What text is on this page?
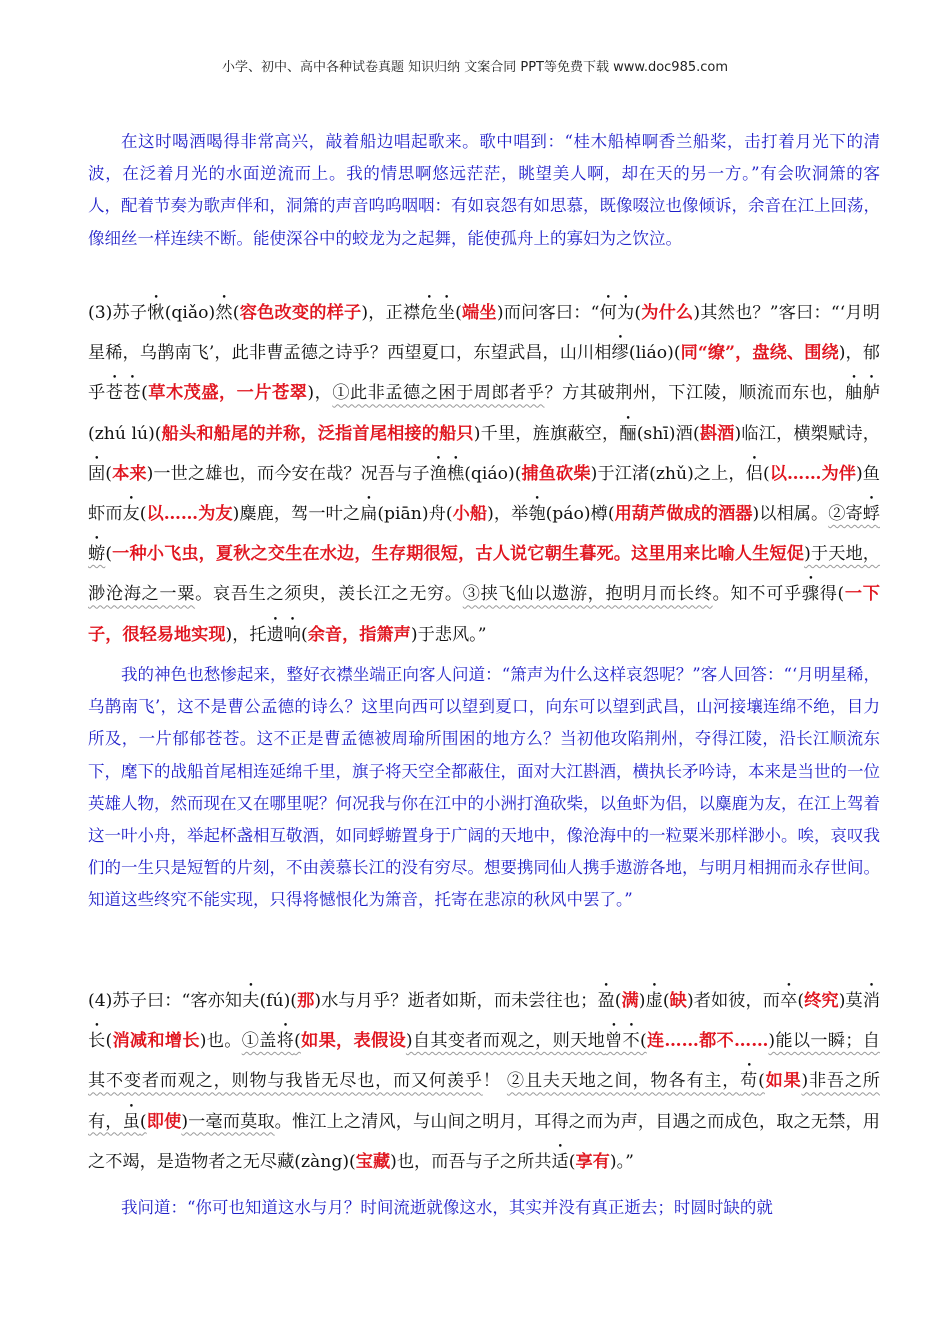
小学、初中、高中各种试卷真题 知识归纳 文案合同 PPT等免费下载 www.doc985.com

在这时喝酒喝得非常高兴，敲着船边唱起歌来。歌中唱到：“桂木船棹啊香兰船桨，击打着月光下的清波，在泛着月光的水面逆流而上。我的情思啊悠远茫茫，眺望美人啊，却在天的另一方。”有会吹洞箫的客人，配着节奏为歌声伴和，洞箫的声音呜呜咽咽：有如哀怨有如思慕，既像啜泣也像倾诉，余音在江上回荡，像细丝一样连续不断。能使深谷中的蛟龙为之起舞，能使孤舟上的寡妇为之饮泣。

(3)苏子愀(qiǎo)然(容色改变的样子)，正襟危坐(端坐)而问客曰：“何为(为什么)其然也？”客曰：“‘月明星稀，乌鹊南飞’，此非曹孟德之诗乎？西望夏口，东望武昌，山川相缪(liáo)(同“缭”，盘绕、围绕)，郁乎苍苍(草木茂盛，一片苍翠)，①此非孟德之困于周郎者乎？方其破荆州，下江陵，顺流而东也，舳舻(zhú lú)(船头和船尾的并称，泛指首尾相接的船只)千里，旌旗蔽空，酾(shī)酒(斟酒)临江，横槊赋诗，固(本来)一世之雄也，而今安在哉？况吾与子渔樵(qiáo)(捕鱼砍柴)于江渚(zhǔ)之上，侣(以……为伴)鱼虾而友(以……为友)麋鹿，驾一叶之扁(piān)舟(小船)，举匏(páo)樽(用葫芦做成的酒器)以相属。②寄蜉蝣(一种小飞虫，夏秋之交生在水边，生存期很短，古人说它朝生暮死。这里用来比喻人生短促)于天地，渺沧海之一粟。哀吾生之须臾，羡长江之无穷。③挟飞仙以遨游，抱明月而长终。知不可乎骤得(一下子，很轻易地实现)，托遗响(余音，指箫声)于悲风。”

我的神色也愁惨起来，整好衣襟坐端正向客人问道：“箫声为什么这样哀怨呢？”客人回答：“‘月明星稀，乌鹊南飞’，这不是曹公孟德的诗么？这里向西可以望到夏口，向东可以望到武昌，山河接壤连绵不绝，目力所及，一片郁郁苍苍。这不正是曹孟德被周瑜所围困的地方么？当初他攻陷荆州，夺得江陵，沿长江顺流东下，麾下的战船首尾相连延绵千里，旗子将天空全都蔽住，面对大江斟酒，横执长矛吟诗，本来是当世的一位英雄人物，然而现在又在哪里呢？何况我与你在江中的小洲打渔砍柴，以鱼虾为侣，以麋鹿为友，在江上驾着这一叶小舟，举起杯盏相互敬酒，如同蜉蝣置身于广阔的天地中，像沧海中的一粒粟米那样渺小。唉，哀叹我们的一生只是短暂的片刻，不由羡慕长江的没有穷尽。想要携同仙人携手遨游各地，与明月相拥而永存世间。知道这些终究不能实现，只得将憾恨化为箫音，托寄在悲凉的秋风中罢了。”

(4)苏子曰：“客亦知夫(fú)(那)水与月乎？逝者如斯，而未尝往也；盈(满)虚(缺)者如彼，而卒(终究)莫消长(消减和增长)也。①盖将(如果，表假设)自其变者而观之，则天地曾不(连……都不……)能以一瞬；自其不变者而观之，则物与我皆无尽也，而又何羡乎！ ②且夫天地之间，物各有主，苟(如果)非吾之所有，虽(即使)一毫而莫取。惟江上之清风，与山间之明月，耳得之而为声，目遇之而成色，取之无禁，用之不竭，是造物者之无尽藏(zàng)(宝藏)也，而吾与子之所共适(享有)。”

我问道：“你可也知道这水与月？时间流逝就像这水，其实并没有真正逝去；时圆时缺的就
